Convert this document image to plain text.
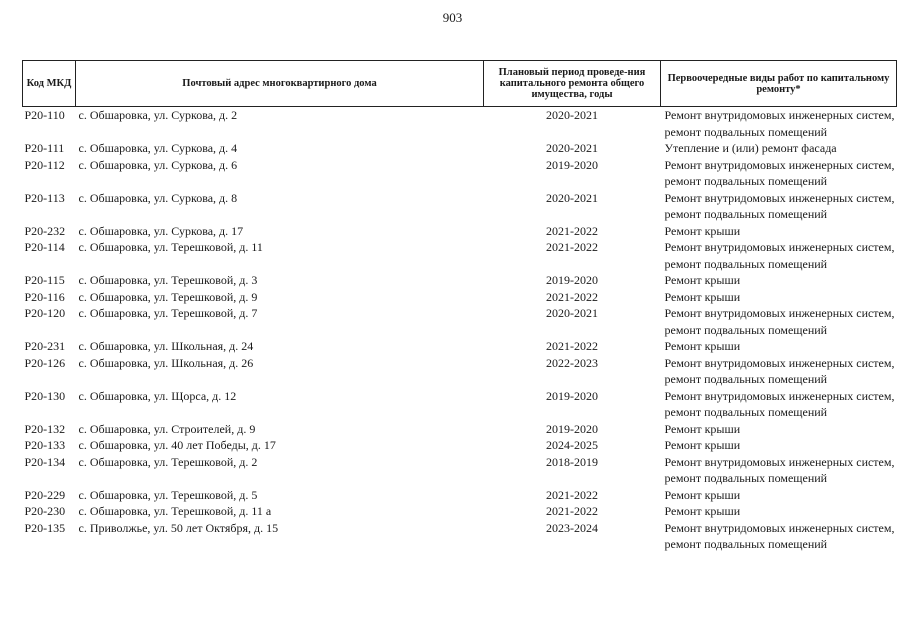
903
Код МКД	Почтовый адрес многоквартирного дома	Плановый период проведе-ния капитального ремонта общего имущества, годы	Первоочередные виды работ по капитальному ремонту*
Р20-110	с. Обшаровка, ул. Суркова, д. 2	2020-2021	Ремонт внутридомовых инженерных систем,
ремонт подвальных помещений
Р20-111	с. Обшаровка, ул. Суркова, д. 4	2020-2021	Утепление и (или) ремонт фасада
Р20-112	с. Обшаровка, ул. Суркова, д. 6	2019-2020	Ремонт внутридомовых инженерных систем,
ремонт подвальных помещений
Р20-113	с. Обшаровка, ул. Суркова, д. 8	2020-2021	Ремонт внутридомовых инженерных систем,
ремонт подвальных помещений
Р20-232	с. Обшаровка, ул. Суркова, д. 17	2021-2022	Ремонт крыши
Р20-114	с. Обшаровка, ул. Терешковой, д. 11	2021-2022	Ремонт внутридомовых инженерных систем,
ремонт подвальных помещений
Р20-115	с. Обшаровка, ул. Терешковой, д. 3	2019-2020	Ремонт крыши
Р20-116	с. Обшаровка, ул. Терешковой, д. 9	2021-2022	Ремонт крыши
Р20-120	с. Обшаровка, ул. Терешковой, д. 7	2020-2021	Ремонт внутридомовых инженерных систем,
ремонт подвальных помещений
Р20-231	с. Обшаровка, ул. Школьная, д. 24	2021-2022	Ремонт крыши
Р20-126	с. Обшаровка, ул. Школьная, д. 26	2022-2023	Ремонт внутридомовых инженерных систем,
ремонт подвальных помещений
Р20-130	с. Обшаровка, ул. Щорса, д. 12	2019-2020	Ремонт внутридомовых инженерных систем,
ремонт подвальных помещений
Р20-132	с. Обшаровка, ул. Строителей, д. 9	2019-2020	Ремонт крыши
Р20-133	с. Обшаровка, ул. 40 лет Победы, д. 17	2024-2025	Ремонт крыши
Р20-134	с. Обшаровка, ул. Терешковой, д. 2	2018-2019	Ремонт внутридомовых инженерных систем,
ремонт подвальных помещений
Р20-229	с. Обшаровка, ул. Терешковой, д. 5	2021-2022	Ремонт крыши
Р20-230	с. Обшаровка, ул. Терешковой, д. 11 а	2021-2022	Ремонт крыши
Р20-135	с. Приволжье, ул. 50 лет Октября, д. 15	2023-2024	Ремонт внутридомовых инженерных систем,
ремонт подвальных помещений
